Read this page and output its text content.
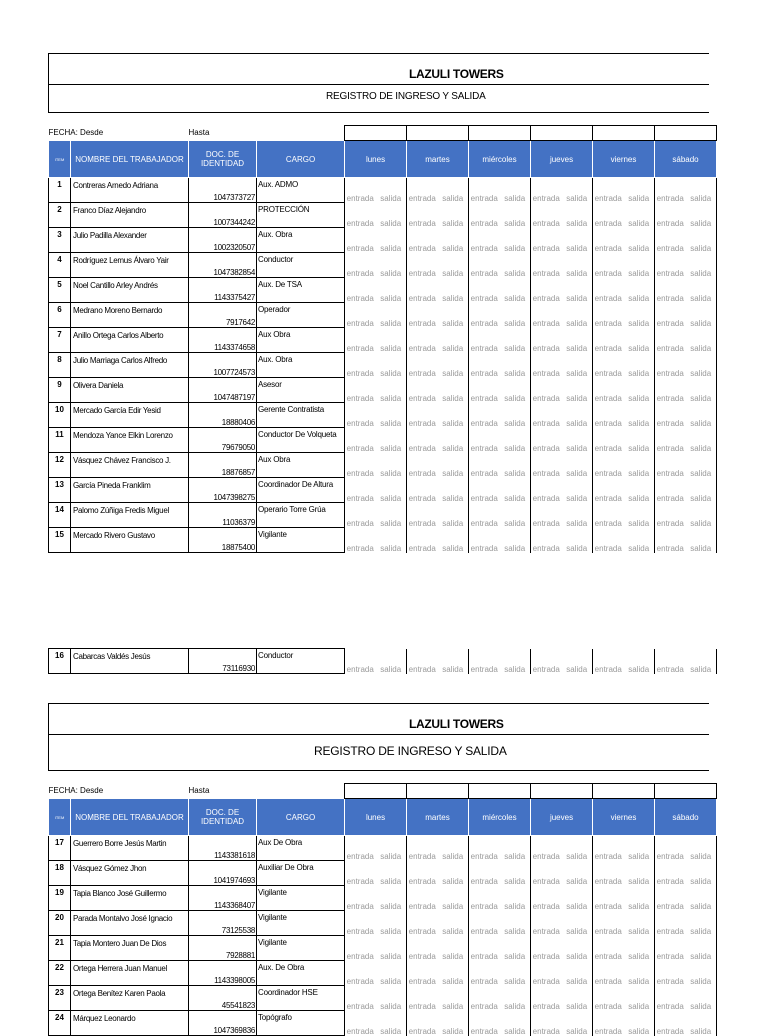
LAZULI TOWERS
REGISTRO DE INGRESO Y SALIDA
FECHA: Desde		Hasta													
ITEM	NOMBRE DEL TRABAJADOR	DOC. DE IDENTIDAD	CARGO	lunes		martes		miércoles		jueves		viernes		sábado	
1	Contreras Arnedo Adriana	1047373727	Aux. ADMO	entrada	salida	entrada	salida	entrada	salida	entrada	salida	entrada	salida	entrada	salida
2	Franco Díaz Alejandro	1007344242	PROTECCIÓN	entrada	salida	entrada	salida	entrada	salida	entrada	salida	entrada	salida	entrada	salida
3	Julio Padilla Alexander	1002320507	Aux. Obra	entrada	salida	entrada	salida	entrada	salida	entrada	salida	entrada	salida	entrada	salida
4	Rodríguez Lemus Álvaro Yair	1047382854	Conductor	entrada	salida	entrada	salida	entrada	salida	entrada	salida	entrada	salida	entrada	salida
5	Noel Cantillo Arley Andrés	1143375427	Aux. De TSA	entrada	salida	entrada	salida	entrada	salida	entrada	salida	entrada	salida	entrada	salida
6	Medrano Moreno Bernardo	7917642	Operador	entrada	salida	entrada	salida	entrada	salida	entrada	salida	entrada	salida	entrada	salida
7	Anillo Ortega Carlos Alberto	1143374658	Aux Obra	entrada	salida	entrada	salida	entrada	salida	entrada	salida	entrada	salida	entrada	salida
8	Julio Marriaga Carlos Alfredo	1007724573	Aux. Obra	entrada	salida	entrada	salida	entrada	salida	entrada	salida	entrada	salida	entrada	salida
9	Olivera Daniela	1047487197	Asesor	entrada	salida	entrada	salida	entrada	salida	entrada	salida	entrada	salida	entrada	salida
10	Mercado García Edir Yesid	18880406	Gerente Contratista	entrada	salida	entrada	salida	entrada	salida	entrada	salida	entrada	salida	entrada	salida
11	Mendoza Yance Elkin Lorenzo	79679050	Conductor De Volqueta	entrada	salida	entrada	salida	entrada	salida	entrada	salida	entrada	salida	entrada	salida
12	Vásquez Chávez Francisco J.	18876857	Aux Obra	entrada	salida	entrada	salida	entrada	salida	entrada	salida	entrada	salida	entrada	salida
13	García Pineda Franklim	1047398275	Coordinador De Altura	entrada	salida	entrada	salida	entrada	salida	entrada	salida	entrada	salida	entrada	salida
14	Palomo Zúñiga Fredis Miguel	11036379	Operario Torre Grúa	entrada	salida	entrada	salida	entrada	salida	entrada	salida	entrada	salida	entrada	salida
15	Mercado Rivero Gustavo	18875400	Vigilante	entrada	salida	entrada	salida	entrada	salida	entrada	salida	entrada	salida	entrada	salida
16	Cabarcas Valdés Jesús	73116930	Conductor	entrada	salida	entrada	salida	entrada	salida	entrada	salida	entrada	salida	entrada	salida
LAZULI TOWERS
REGISTRO DE INGRESO Y SALIDA
FECHA: Desde		Hasta													
ITEM	NOMBRE DEL TRABAJADOR	DOC. DE IDENTIDAD	CARGO	lunes		martes		miércoles		jueves		viernes		sábado	
17	Guerrero Borre Jesús Martin	1143381618	Aux De Obra	entrada	salida	entrada	salida	entrada	salida	entrada	salida	entrada	salida	entrada	salida
18	Vásquez Gómez Jhon	1041974693	Auxiliar De Obra	entrada	salida	entrada	salida	entrada	salida	entrada	salida	entrada	salida	entrada	salida
19	Tapia Blanco José Guillermo	1143368407	Vigilante	entrada	salida	entrada	salida	entrada	salida	entrada	salida	entrada	salida	entrada	salida
20	Parada Montalvo José Ignacio	73125538	Vigilante	entrada	salida	entrada	salida	entrada	salida	entrada	salida	entrada	salida	entrada	salida
21	Tapia Montero Juan De Dios	7928881	Vigilante	entrada	salida	entrada	salida	entrada	salida	entrada	salida	entrada	salida	entrada	salida
22	Ortega Herrera Juan Manuel	1143398005	Aux. De Obra	entrada	salida	entrada	salida	entrada	salida	entrada	salida	entrada	salida	entrada	salida
23	Ortega Benítez Karen Paola	45541823	Coordinador HSE	entrada	salida	entrada	salida	entrada	salida	entrada	salida	entrada	salida	entrada	salida
24	Márquez Leonardo	1047369836	Topógrafo	entrada	salida	entrada	salida	entrada	salida	entrada	salida	entrada	salida	entrada	salida
